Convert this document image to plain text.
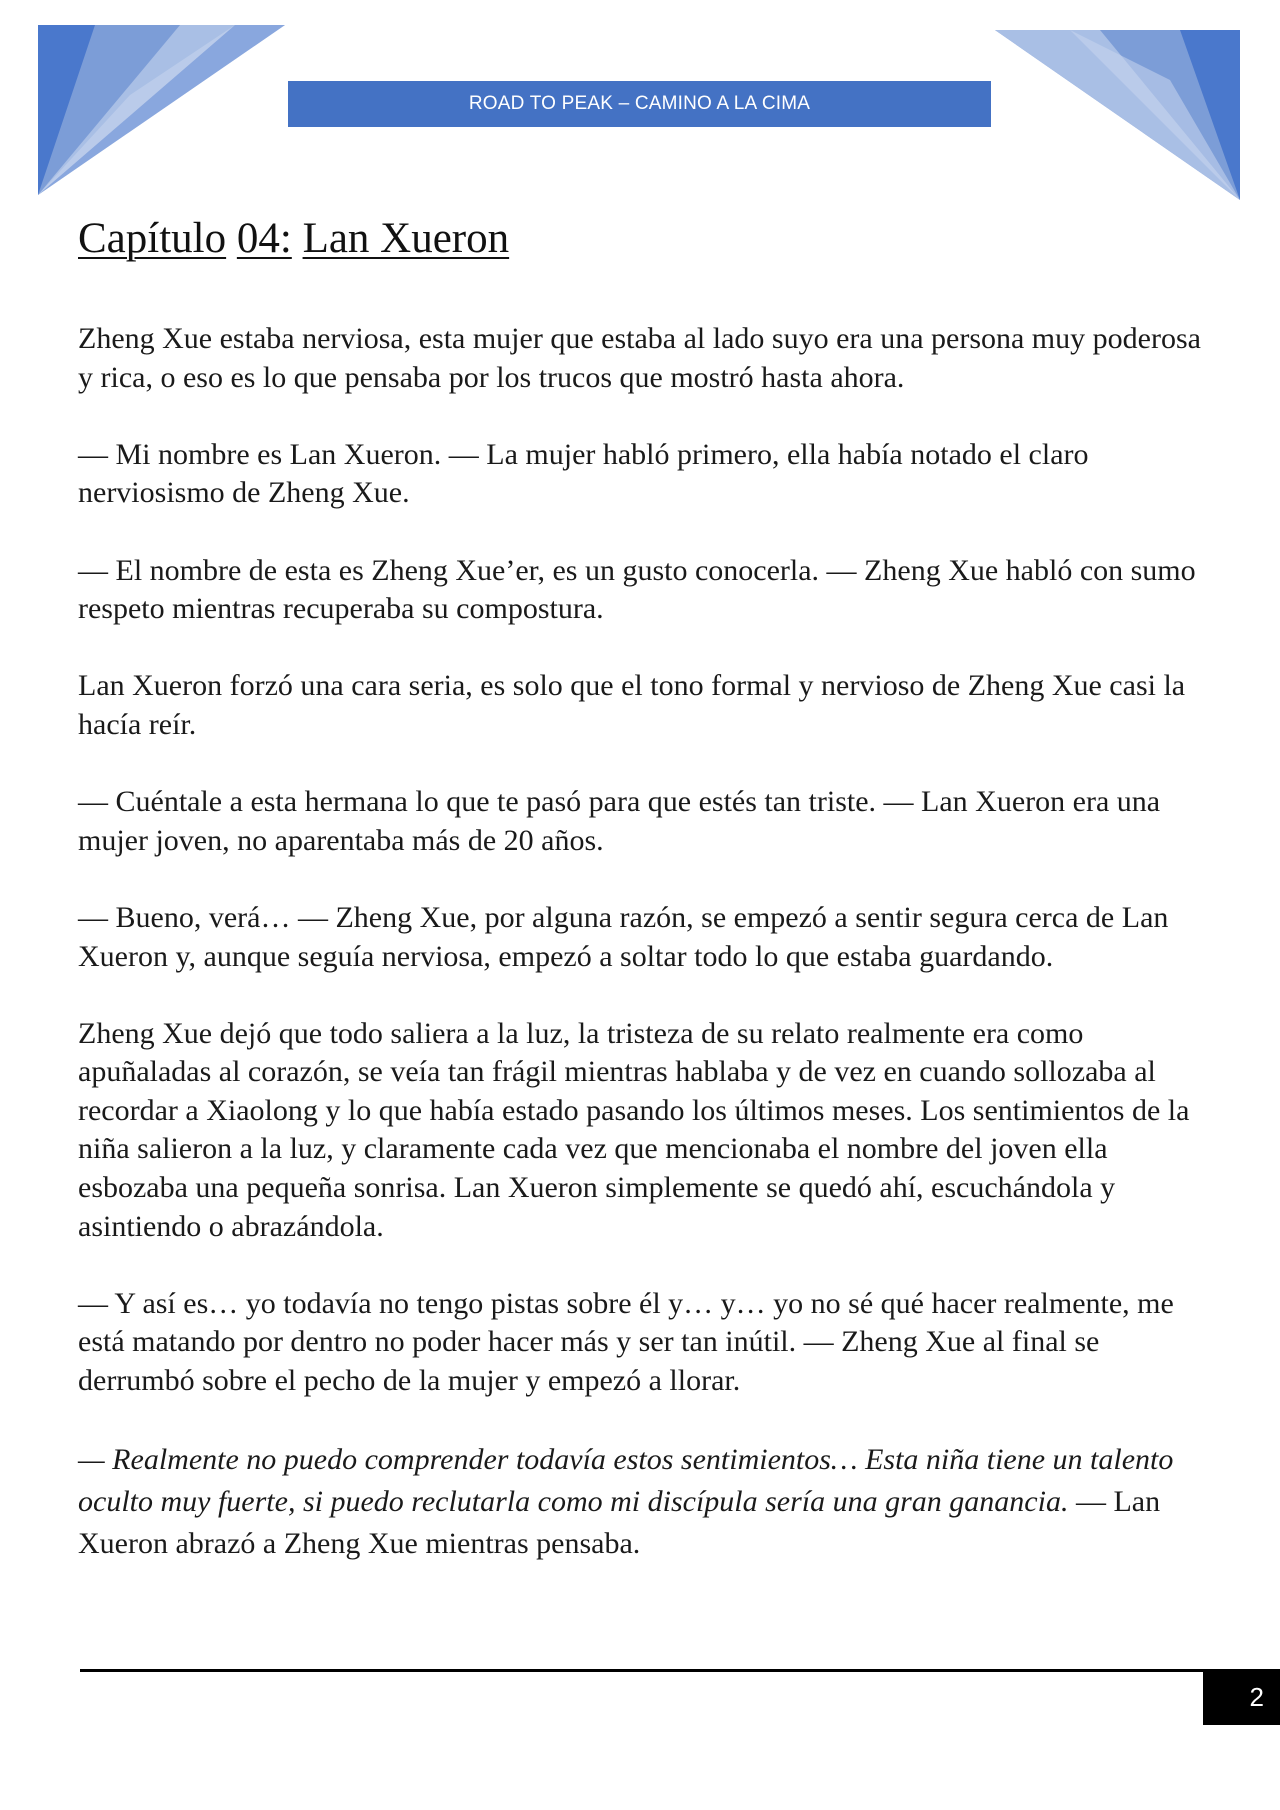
ROAD TO PEAK – CAMINO A LA CIMA
Capítulo 04: Lan Xueron

Zheng Xue estaba nerviosa, esta mujer que estaba al lado suyo era una persona muy poderosa y rica, o eso es lo que pensaba por los trucos que mostró hasta ahora.

— Mi nombre es Lan Xueron. — La mujer habló primero, ella había notado el claro nerviosismo de Zheng Xue.

— El nombre de esta es Zheng Xue’er, es un gusto conocerla. — Zheng Xue habló con sumo respeto mientras recuperaba su compostura.

Lan Xueron forzó una cara seria, es solo que el tono formal y nervioso de Zheng Xue casi la hacía reír.

— Cuéntale a esta hermana lo que te pasó para que estés tan triste. — Lan Xueron era una mujer joven, no aparentaba más de 20 años.

— Bueno, verá… — Zheng Xue, por alguna razón, se empezó a sentir segura cerca de Lan Xueron y, aunque seguía nerviosa, empezó a soltar todo lo que estaba guardando.

Zheng Xue dejó que todo saliera a la luz, la tristeza de su relato realmente era como apuñaladas al corazón, se veía tan frágil mientras hablaba y de vez en cuando sollozaba al recordar a Xiaolong y lo que había estado pasando los últimos meses. Los sentimientos de la niña salieron a la luz, y claramente cada vez que mencionaba el nombre del joven ella esbozaba una pequeña sonrisa. Lan Xueron simplemente se quedó ahí, escuchándola y asintiendo o abrazándola.

— Y así es… yo todavía no tengo pistas sobre él y… y… yo no sé qué hacer realmente, me está matando por dentro no poder hacer más y ser tan inútil. — Zheng Xue al final se derrumbó sobre el pecho de la mujer y empezó a llorar.

— Realmente no puedo comprender todavía estos sentimientos… Esta niña tiene un talento oculto muy fuerte, si puedo reclutarla como mi discípula sería una gran ganancia. — Lan Xueron abrazó a Zheng Xue mientras pensaba.

2
